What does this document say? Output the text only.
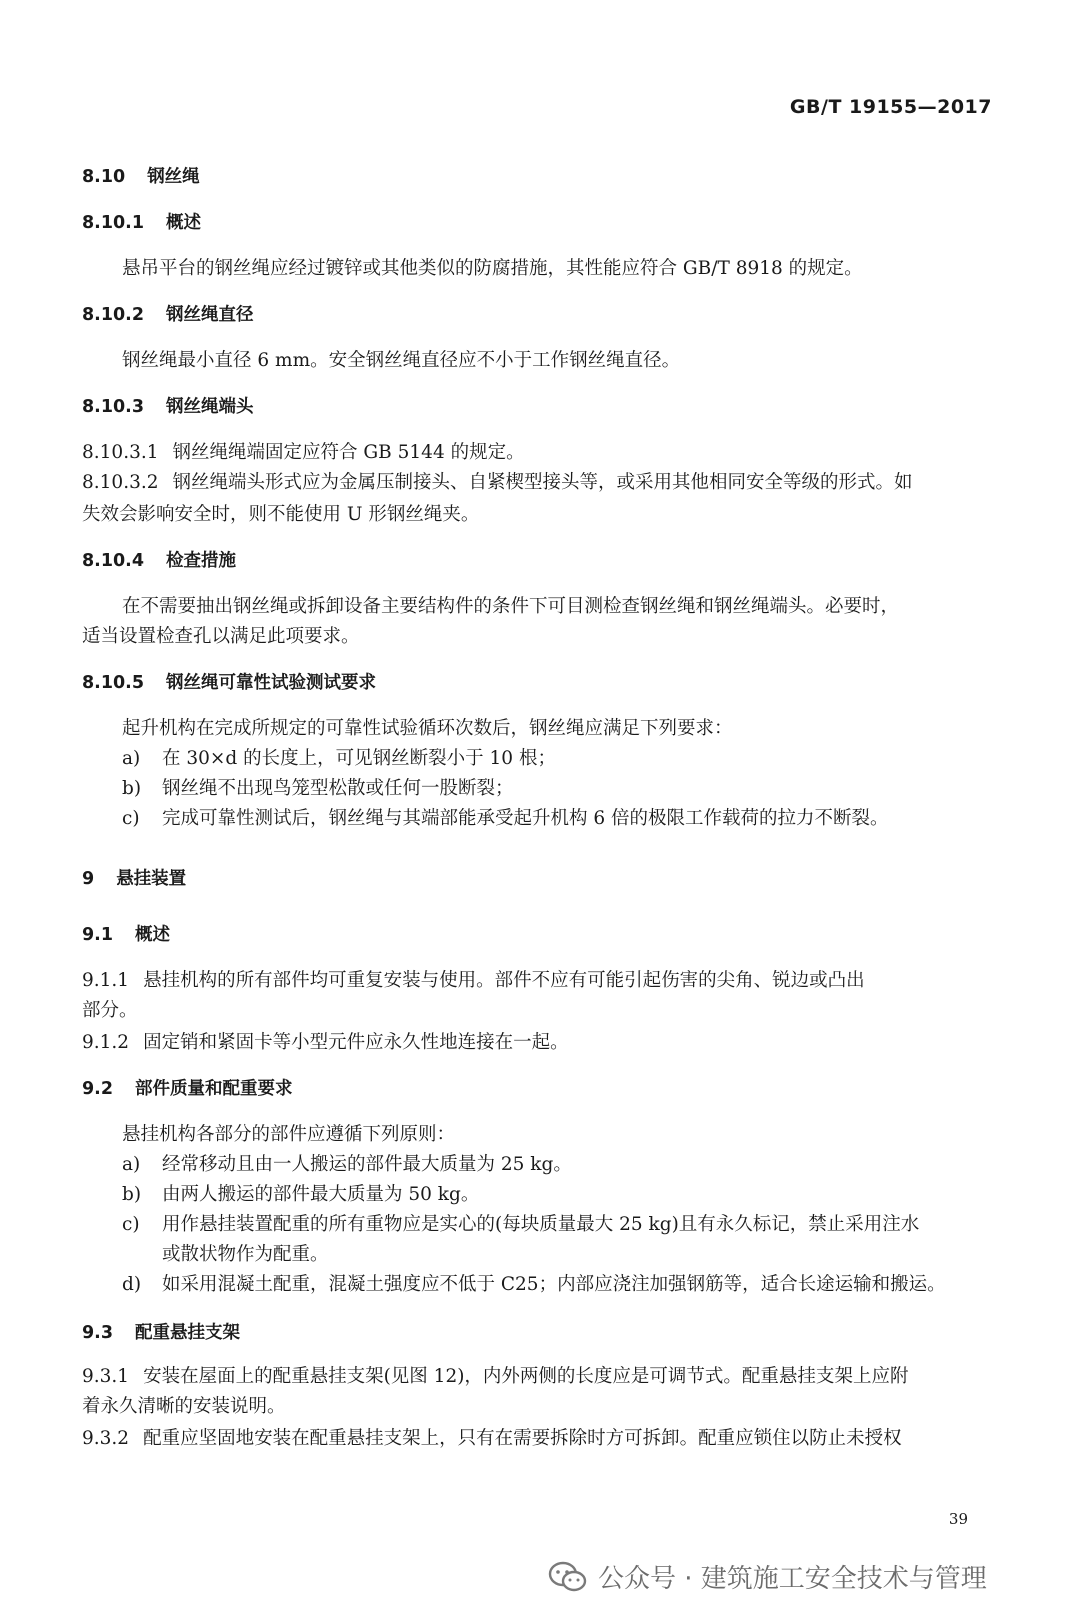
GB/T 19155—2017
8.10 钢丝绳
8.10.1 概述
悬吊平台的钢丝绳应经过镀锌或其他类似的防腐措施，其性能应符合 GB/T 8918 的规定。
8.10.2 钢丝绳直径
钢丝绳最小直径 6 mm。安全钢丝绳直径应不小于工作钢丝绳直径。
8.10.3 钢丝绳端头
8.10.3.1 钢丝绳绳端固定应符合 GB 5144 的规定。
8.10.3.2 钢丝绳端头形式应为金属压制接头、自紧楔型接头等，或采用其他相同安全等级的形式。如
失效会影响安全时，则不能使用 U 形钢丝绳夹。
8.10.4 检查措施
在不需要抽出钢丝绳或拆卸设备主要结构件的条件下可目测检查钢丝绳和钢丝绳端头。必要时，
适当设置检查孔以满足此项要求。
8.10.5 钢丝绳可靠性试验测试要求
起升机构在完成所规定的可靠性试验循环次数后，钢丝绳应满足下列要求：
a) 在 30×d 的长度上，可见钢丝断裂小于 10 根；
b) 钢丝绳不出现鸟笼型松散或任何一股断裂；
c) 完成可靠性测试后，钢丝绳与其端部能承受起升机构 6 倍的极限工作载荷的拉力不断裂。
9 悬挂装置
9.1 概述
9.1.1 悬挂机构的所有部件均可重复安装与使用。部件不应有可能引起伤害的尖角、锐边或凸出
部分。
9.1.2 固定销和紧固卡等小型元件应永久性地连接在一起。
9.2 部件质量和配重要求
悬挂机构各部分的部件应遵循下列原则：
a) 经常移动且由一人搬运的部件最大质量为 25 kg。
b) 由两人搬运的部件最大质量为 50 kg。
c) 用作悬挂装置配重的所有重物应是实心的(每块质量最大 25 kg)且有永久标记，禁止采用注水
或散状物作为配重。
d) 如采用混凝土配重，混凝土强度应不低于 C25；内部应浇注加强钢筋等，适合长途运输和搬运。
9.3 配重悬挂支架
9.3.1 安装在屋面上的配重悬挂支架(见图 12)，内外两侧的长度应是可调节式。配重悬挂支架上应附
着永久清晰的安装说明。
9.3.2 配重应坚固地安装在配重悬挂支架上，只有在需要拆除时方可拆卸。配重应锁住以防止未授权
39
公众号 · 建筑施工安全技术与管理
